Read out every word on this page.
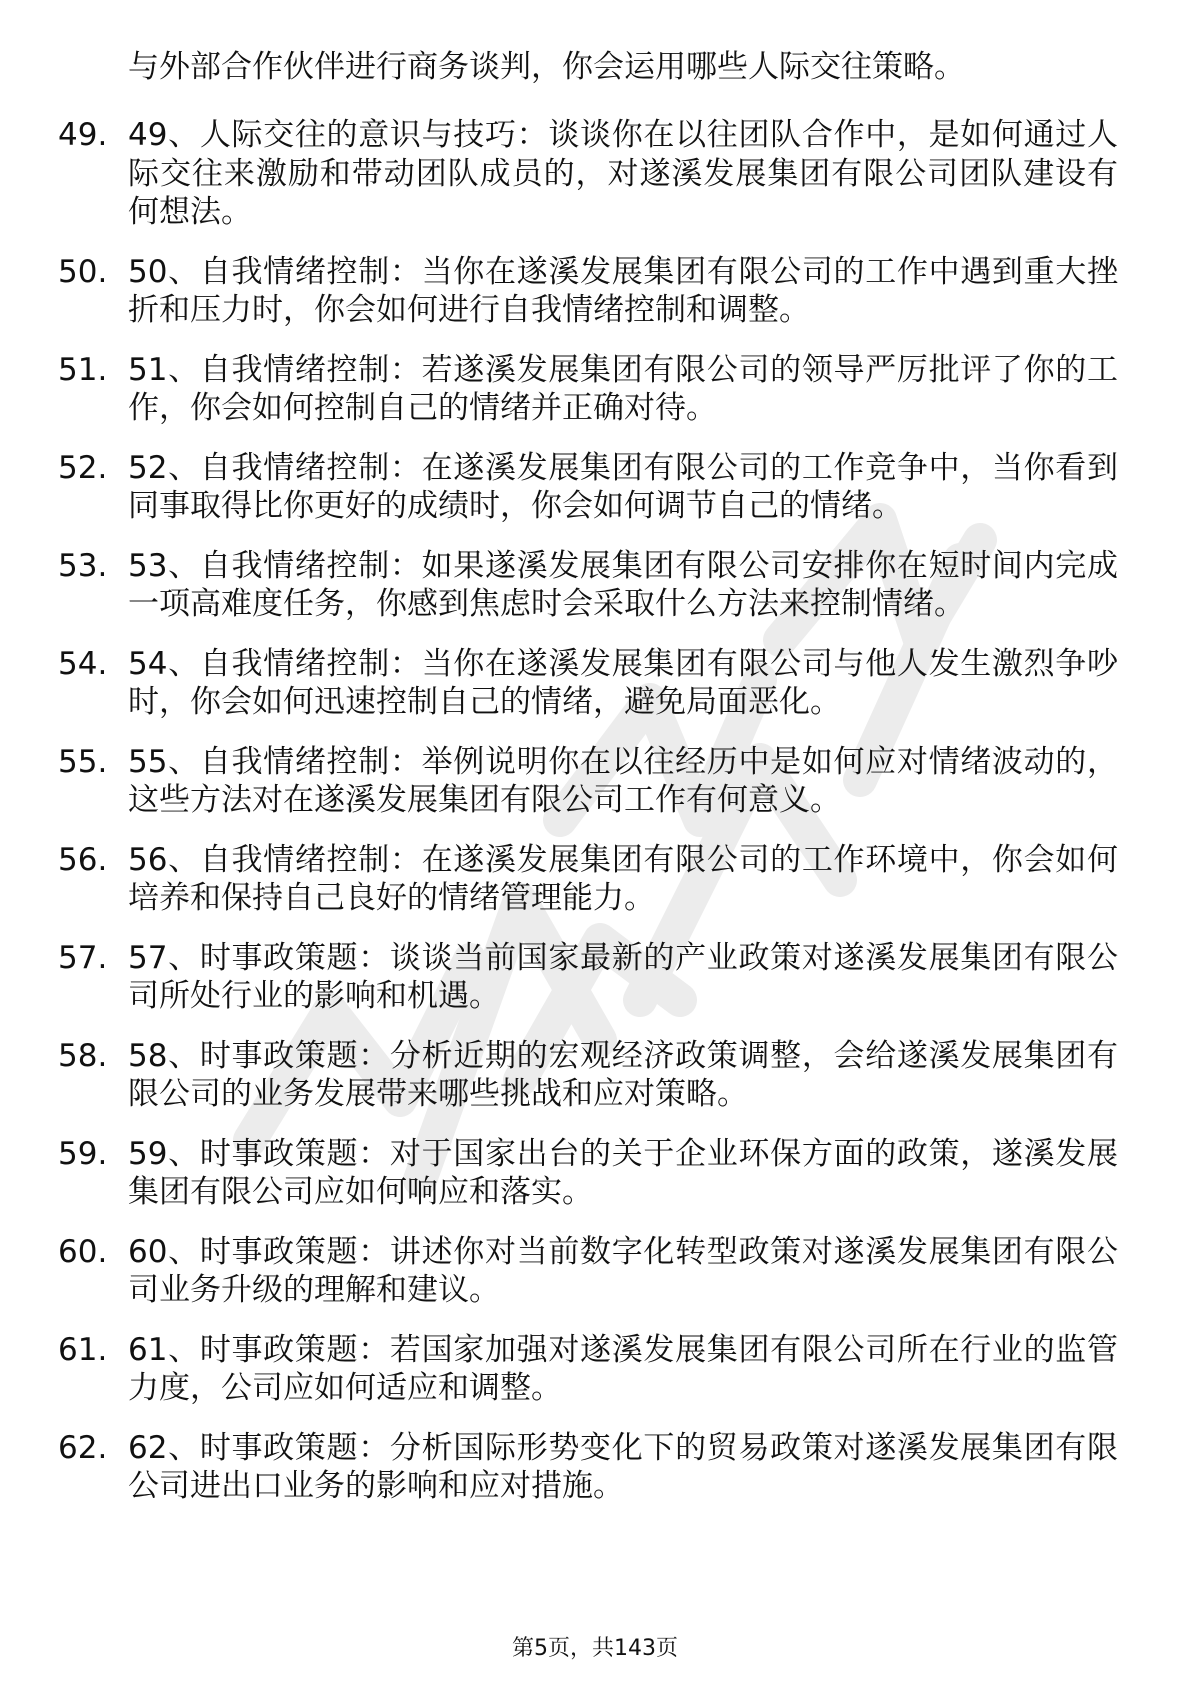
与外部合作伙伴进行商务谈判，你会运用哪些人际交往策略。
49. 49、人际交往的意识与技巧：谈谈你在以往团队合作中，是如何通过人际交往来激励和带动团队成员的，对遂溪发展集团有限公司团队建设有何想法。
50. 50、自我情绪控制：当你在遂溪发展集团有限公司的工作中遇到重大挫折和压力时，你会如何进行自我情绪控制和调整。
51. 51、自我情绪控制：若遂溪发展集团有限公司的领导严厉批评了你的工作，你会如何控制自己的情绪并正确对待。
52. 52、自我情绪控制：在遂溪发展集团有限公司的工作竞争中，当你看到同事取得比你更好的成绩时，你会如何调节自己的情绪。
53. 53、自我情绪控制：如果遂溪发展集团有限公司安排你在短时间内完成一项高难度任务，你感到焦虑时会采取什么方法来控制情绪。
54. 54、自我情绪控制：当你在遂溪发展集团有限公司与他人发生激烈争吵时，你会如何迅速控制自己的情绪，避免局面恶化。
55. 55、自我情绪控制：举例说明你在以往经历中是如何应对情绪波动的，这些方法对在遂溪发展集团有限公司工作有何意义。
56. 56、自我情绪控制：在遂溪发展集团有限公司的工作环境中，你会如何培养和保持自己良好的情绪管理能力。
57. 57、时事政策题：谈谈当前国家最新的产业政策对遂溪发展集团有限公司所处行业的影响和机遇。
58. 58、时事政策题：分析近期的宏观经济政策调整，会给遂溪发展集团有限公司的业务发展带来哪些挑战和应对策略。
59. 59、时事政策题：对于国家出台的关于企业环保方面的政策，遂溪发展集团有限公司应如何响应和落实。
60. 60、时事政策题：讲述你对当前数字化转型政策对遂溪发展集团有限公司业务升级的理解和建议。
61. 61、时事政策题：若国家加强对遂溪发展集团有限公司所在行业的监管力度，公司应如何适应和调整。
62. 62、时事政策题：分析国际形势变化下的贸易政策对遂溪发展集团有限公司进出口业务的影响和应对措施。
第5页，共143页
